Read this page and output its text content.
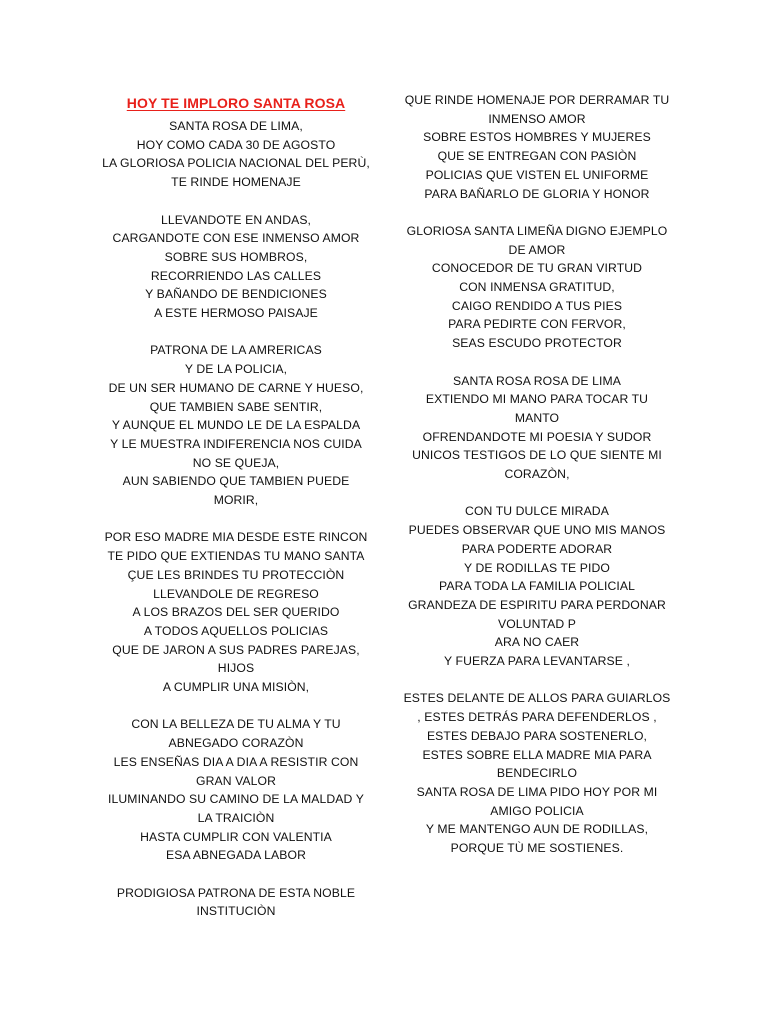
HOY TE IMPLORO SANTA ROSA
SANTA ROSA DE LIMA,
HOY COMO CADA 30 DE AGOSTO
LA GLORIOSA POLICIA NACIONAL DEL PERÙ,
TE RINDE HOMENAJE
LLEVANDOTE EN ANDAS,
CARGANDOTE CON ESE INMENSO AMOR
SOBRE SUS HOMBROS,
RECORRIENDO LAS CALLES
Y BAÑANDO DE BENDICIONES
A ESTE HERMOSO PAISAJE
PATRONA DE LA AMRERICAS
Y DE LA POLICIA,
DE UN SER HUMANO DE CARNE Y HUESO,
QUE TAMBIEN SABE SENTIR,
Y AUNQUE EL MUNDO LE DE LA ESPALDA
Y LE MUESTRA INDIFERENCIA NOS CUIDA
NO SE QUEJA,
AUN SABIENDO QUE TAMBIEN PUEDE
MORIR,
POR ESO MADRE MIA DESDE ESTE RINCON
TE PIDO QUE EXTIENDAS TU MANO SANTA
ÇUE LES BRINDES TU PROTECCIÒN
LLEVANDOLE DE REGRESO
A LOS BRAZOS DEL SER QUERIDO
A TODOS AQUELLOS POLICIAS
QUE DE JARON A SUS PADRES PAREJAS,
HIJOS
A CUMPLIR UNA MISIÒN,
CON LA BELLEZA DE TU ALMA Y TU
ABNEGADO CORAZÒN
LES ENSEÑAS DIA A DIA A RESISTIR CON
GRAN VALOR
ILUMINANDO SU CAMINO DE LA MALDAD Y
LA TRAICIÒN
HASTA CUMPLIR CON VALENTIA
ESA ABNEGADA LABOR
PRODIGIOSA PATRONA DE ESTA NOBLE
INSTITUCIÒN
QUE RINDE HOMENAJE POR DERRAMAR TU
INMENSO AMOR
SOBRE ESTOS HOMBRES Y MUJERES
QUE SE ENTREGAN CON PASIÒN
POLICIAS QUE VISTEN EL UNIFORME
PARA BAÑARLO DE GLORIA Y HONOR
GLORIOSA SANTA LIMEÑA DIGNO EJEMPLO
DE AMOR
CONOCEDOR DE TU GRAN VIRTUD
CON INMENSA GRATITUD,
CAIGO RENDIDO A TUS PIES
PARA PEDIRTE CON FERVOR,
SEAS ESCUDO PROTECTOR
SANTA ROSA ROSA DE LIMA
EXTIENDO MI MANO PARA TOCAR TU
MANTO
OFRENDANDOTE MI POESIA Y SUDOR
UNICOS TESTIGOS DE LO QUE SIENTE MI
CORAZÒN,
CON TU DULCE MIRADA
PUEDES OBSERVAR QUE UNO MIS MANOS
PARA PODERTE ADORAR
Y DE RODILLAS TE PIDO
PARA TODA LA FAMILIA POLICIAL
GRANDEZA DE ESPIRITU PARA PERDONAR
VOLUNTAD P
ARA NO CAER
Y FUERZA PARA LEVANTARSE ,
ESTES DELANTE DE ALLOS PARA GUIARLOS
, ESTES DETRÁS PARA DEFENDERLOS ,
ESTES DEBAJO PARA SOSTENERLO,
ESTES SOBRE ELLA MADRE MIA PARA
BENDECIRLO
SANTA ROSA DE LIMA PIDO HOY POR MI
AMIGO POLICIA
Y ME MANTENGO AUN DE RODILLAS,
PORQUE TÙ ME SOSTIENES.
